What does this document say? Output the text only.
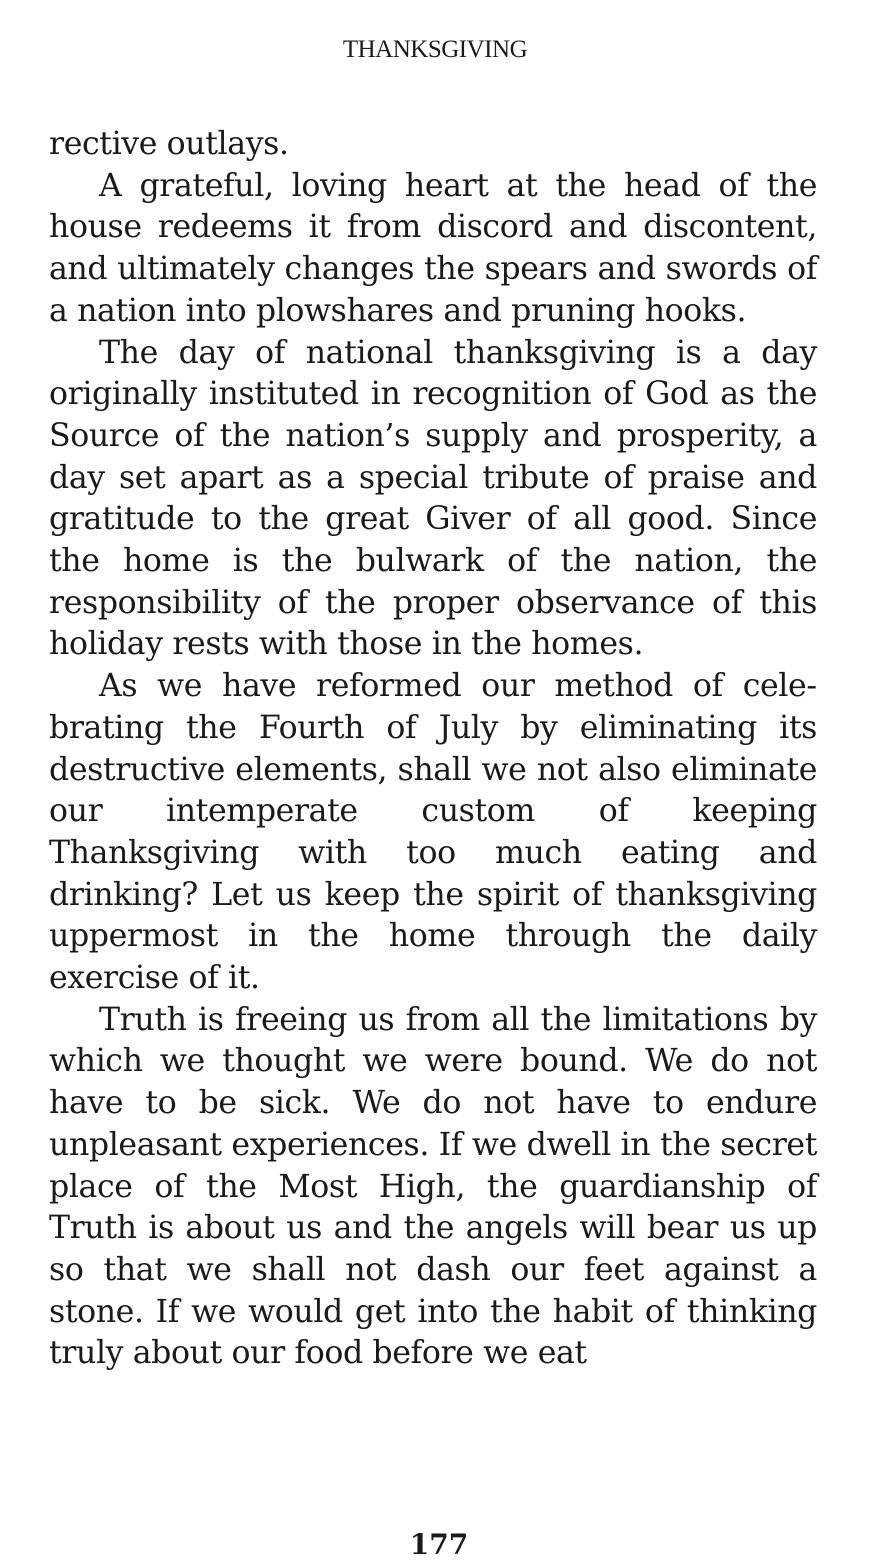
THANKSGIVING

rective outlays.

A grateful, loving heart at the head of the house redeems it from discord and discontent, and ultimately changes the spears and swords of a nation into plowshares and pruning hooks.

The day of national thanksgiving is a day originally instituted in recognition of God as the Source of the nation’s supply and prosperity, a day set apart as a special tribute of praise and gratitude to the great Giver of all good. Since the home is the bulwark of the nation, the responsibility of the proper observance of this holiday rests with those in the homes.

As we have reformed our method of celebrating the Fourth of July by eliminating its destructive elements, shall we not also eliminate our intemperate custom of keeping Thanksgiving with too much eating and drinking? Let us keep the spirit of thanksgiving uppermost in the home through the daily exercise of it.

Truth is freeing us from all the limitations by which we thought we were bound. We do not have to be sick. We do not have to endure unpleasant experiences. If we dwell in the secret place of the Most High, the guardianship of Truth is about us and the angels will bear us up so that we shall not dash our feet against a stone. If we would get into the habit of thinking truly about our food before we eat

177
